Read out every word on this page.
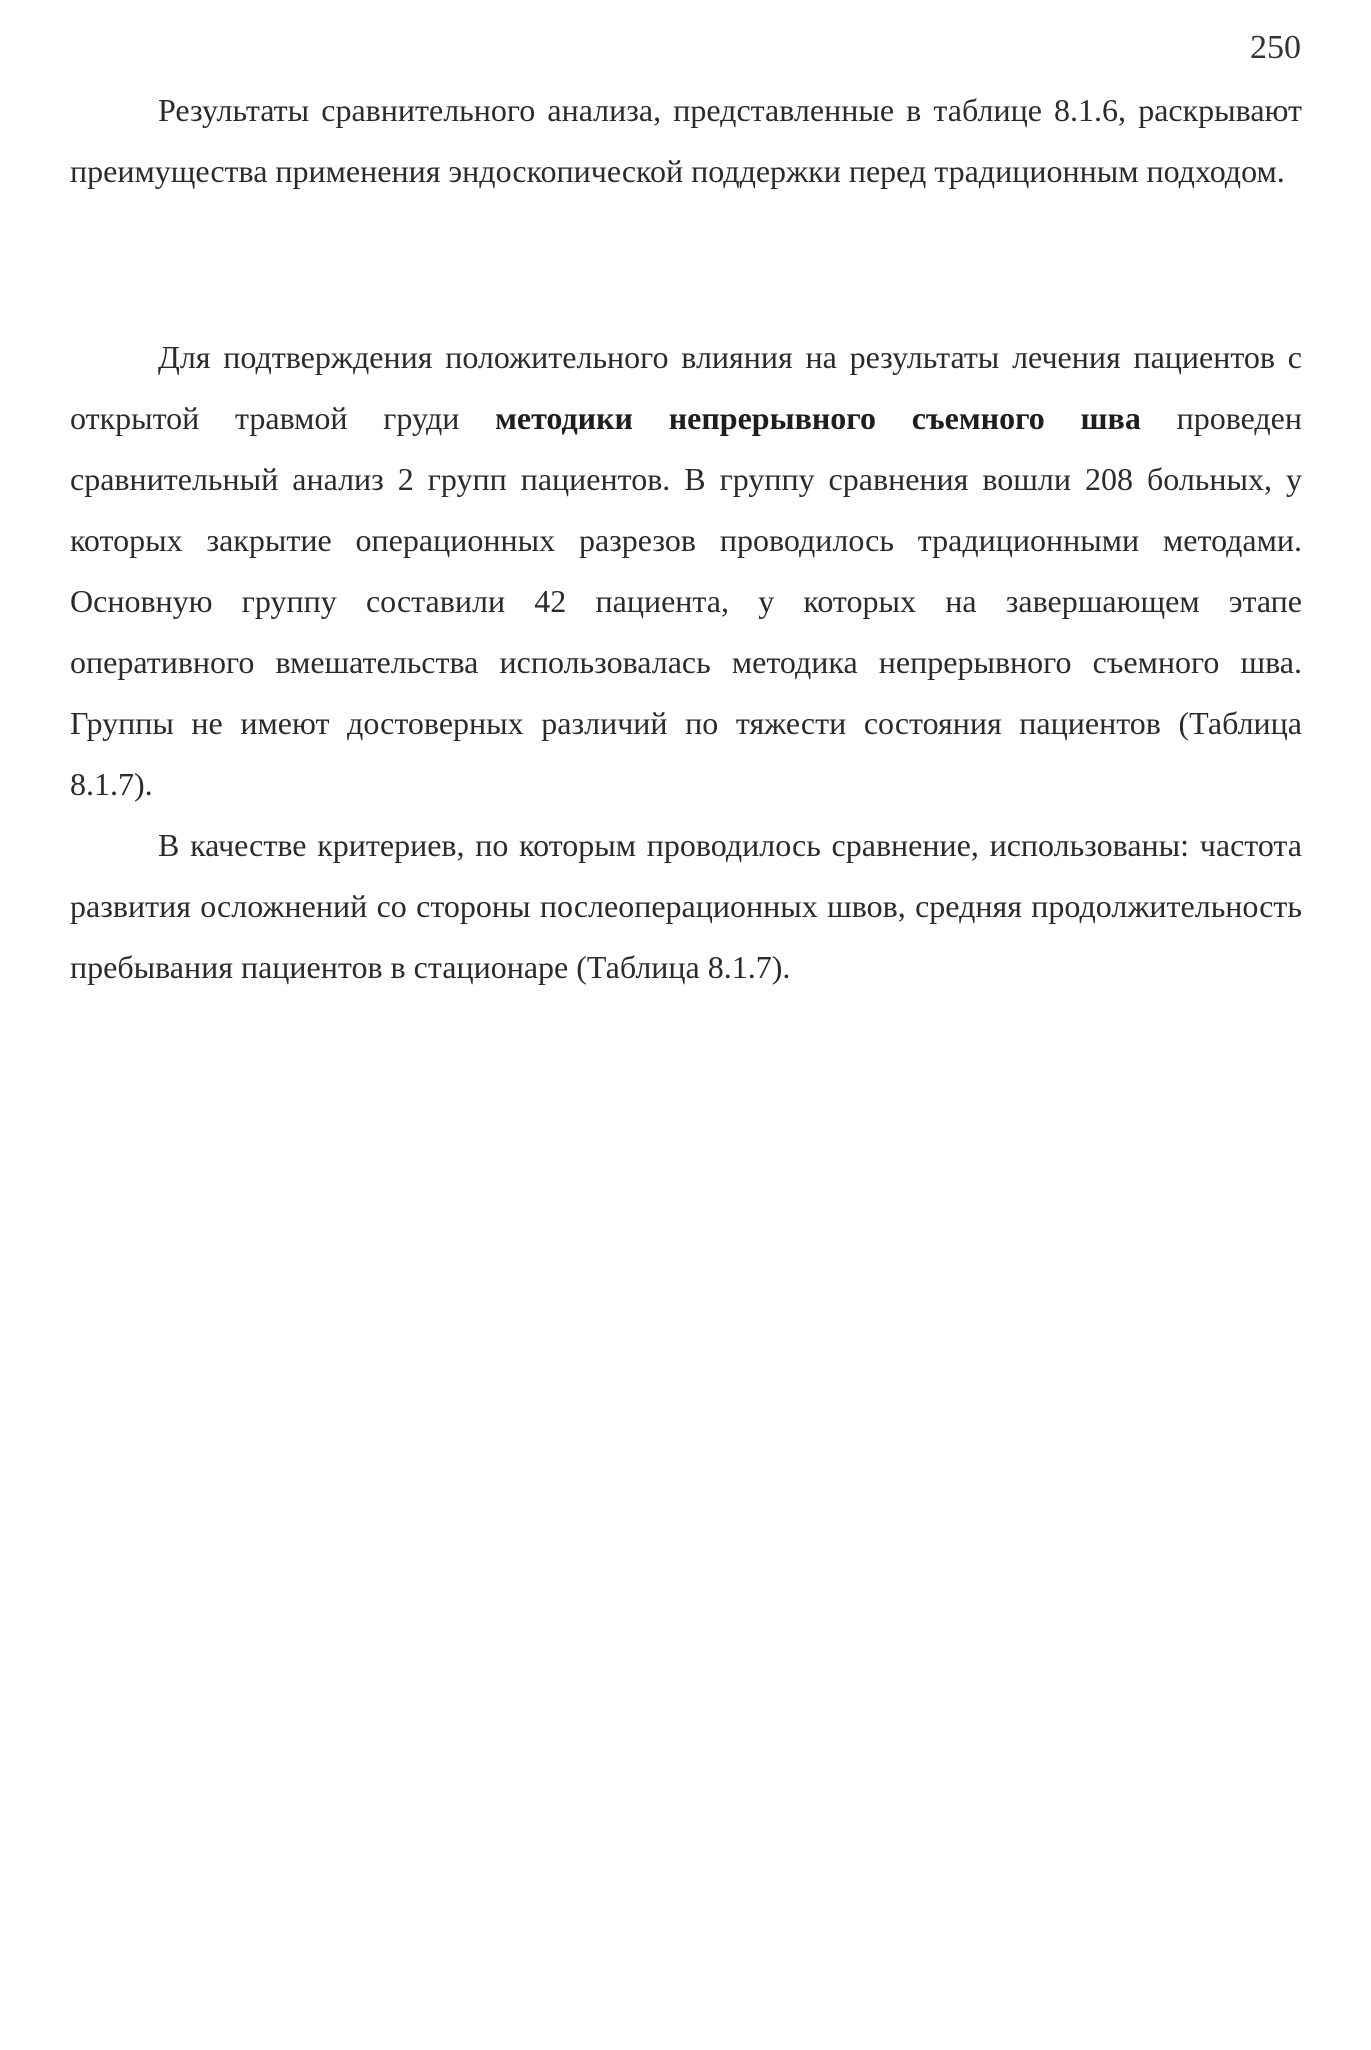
250

Результаты сравнительного анализа, представленные в таблице 8.1.6, раскрывают преимущества применения эндоскопической поддержки перед традиционным подходом.

Для подтверждения положительного влияния на результаты лечения пациентов с открытой травмой груди методики непрерывного съемного шва проведен сравнительный анализ 2 групп пациентов. В группу сравнения вошли 208 больных, у которых закрытие операционных разрезов проводилось традиционными методами. Основную группу составили 42 пациента, у которых на завершающем этапе оперативного вмешательства использовалась методика непрерывного съемного шва. Группы не имеют достоверных различий по тяжести состояния пациентов (Таблица 8.1.7).

В качестве критериев, по которым проводилось сравнение, использованы: частота развития осложнений со стороны послеоперационных швов, средняя продолжительность пребывания пациентов в стационаре (Таблица 8.1.7).
